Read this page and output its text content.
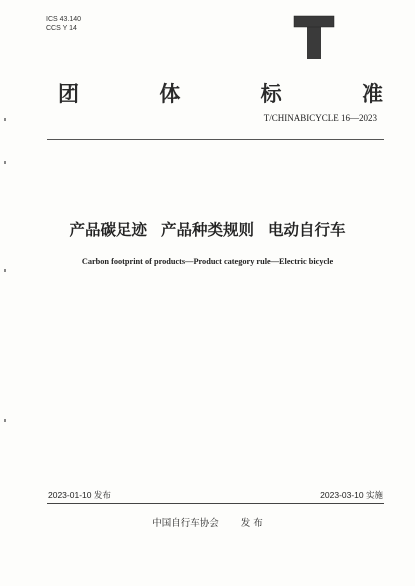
ICS 43.140
CCS Y 14
团	体	标	准
T/CHINABICYCLE 16—2023
产品碳足迹 产品种类规则 电动自行车
Carbon footprint of products—Product category rule—Electric bicycle
2023-01-10 发布	2023-03-10 实施
中国自行车协会 发 布
